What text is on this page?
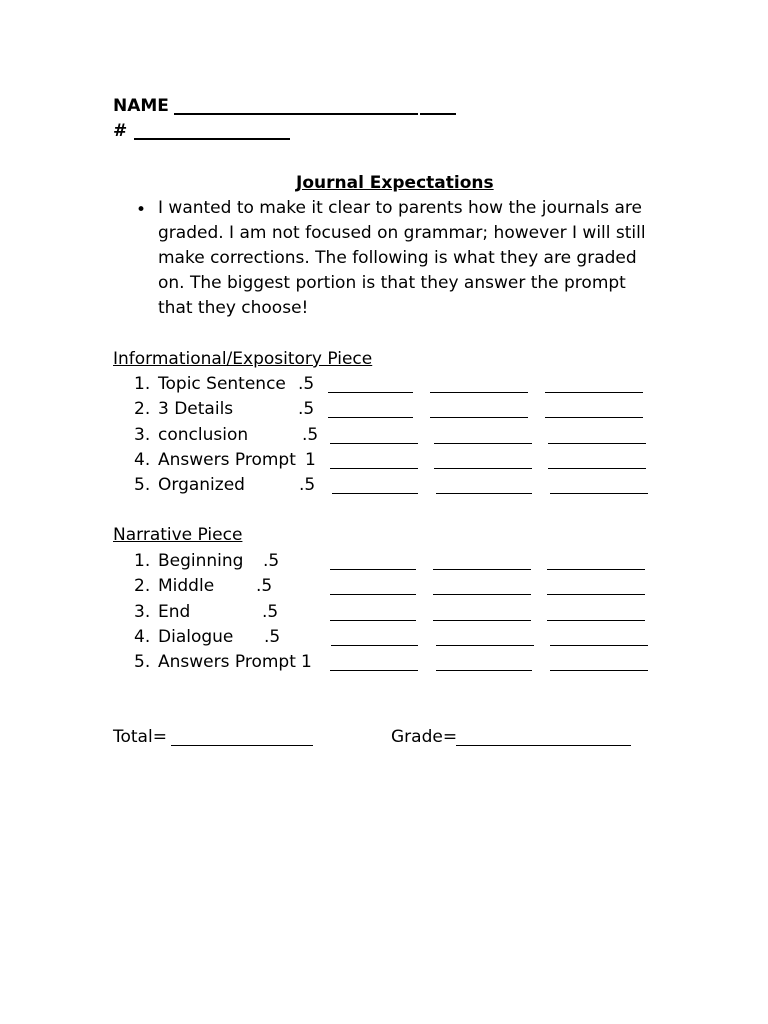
NAME
#
Journal Expectations
• I wanted to make it clear to parents how the journals are graded. I am not focused on grammar; however I will still make corrections. The following is what they are graded on. The biggest portion is that they answer the prompt that they choose!
Informational/Expository Piece
1. Topic Sentence .5
2. 3 Details	.5
3. conclusion	.5
4. Answers Prompt 1
5. Organized	.5
Narrative Piece
1. Beginning .5
2. Middle .5
3. End	.5
4. Dialogue .5
5. Answers Prompt 1
Total=	Grade=
